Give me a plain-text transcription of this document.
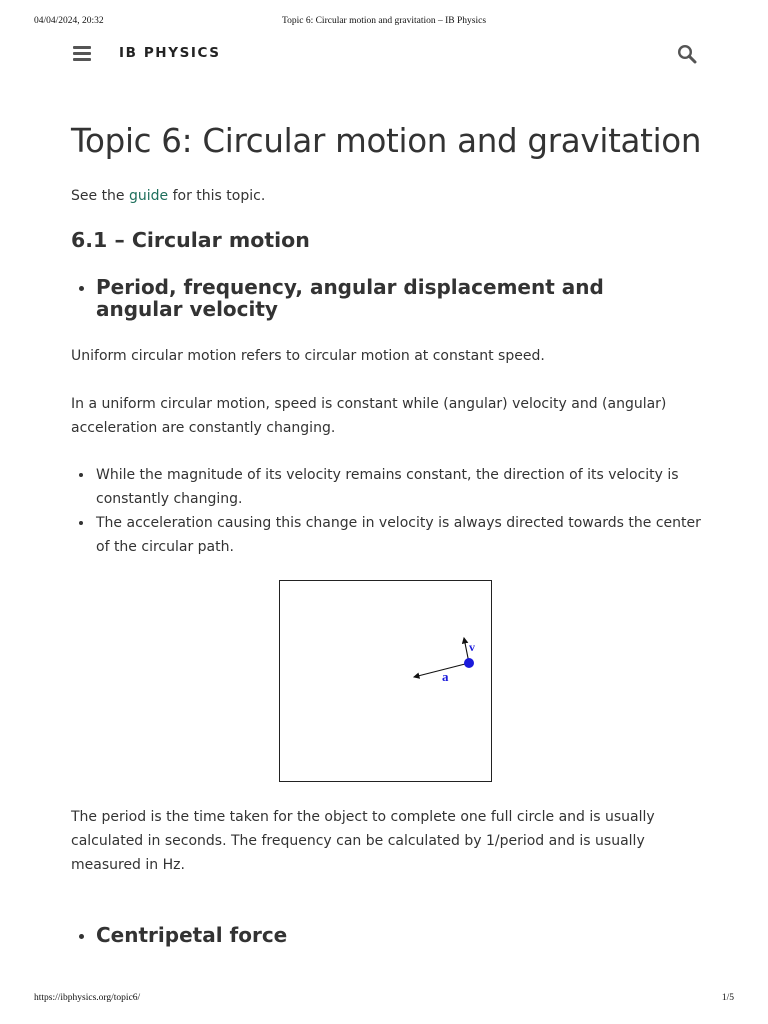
04/04/2024, 20:32	Topic 6: Circular motion and gravitation – IB Physics
IB PHYSICS
Topic 6: Circular motion and gravitation

See the guide for this topic.

6.1 – Circular motion
Period, frequency, angular displacement and angular velocity

Uniform circular motion refers to circular motion at constant speed.

In a uniform circular motion, speed is constant while (angular) velocity and (angular) acceleration are constantly changing.

While the magnitude of its velocity remains constant, the direction of its velocity is constantly changing.
The acceleration causing this change in velocity is always directed towards the center of the circular path.

The period is the time taken for the object to complete one full circle and is usually calculated in seconds. The frequency can be calculated by 1/period and is usually measured in Hz.

Centripetal force
v
a
https://ibphysics.org/topic6/	1/5
